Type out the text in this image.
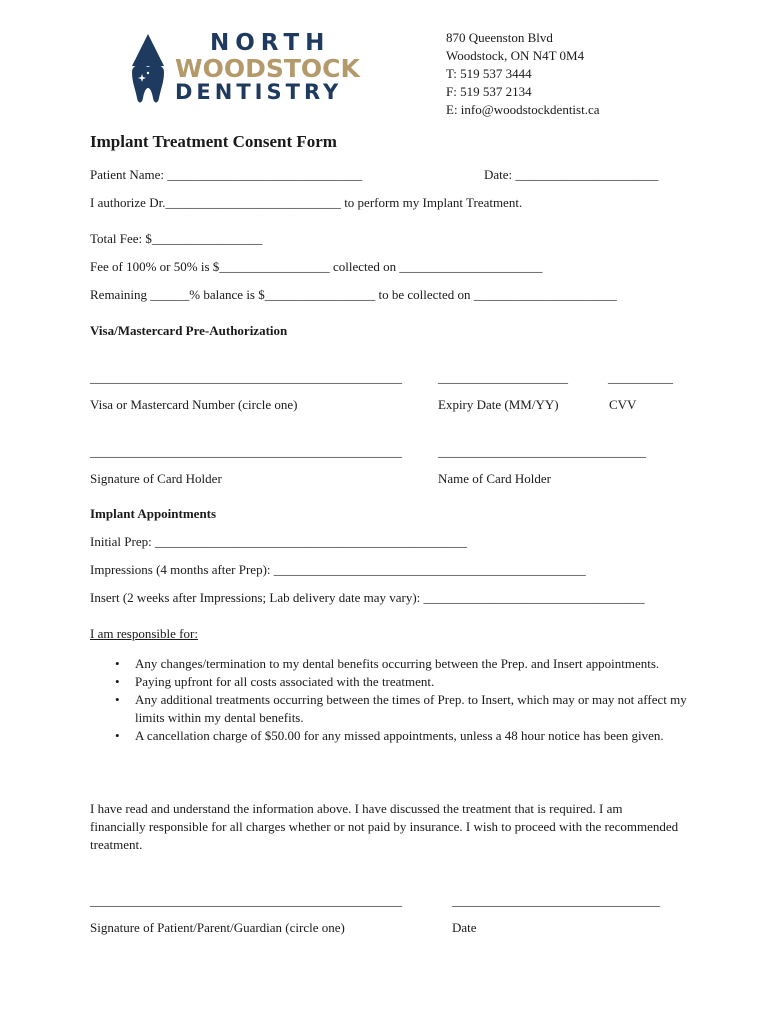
NORTH
WOODSTOCK
DENTISTRY
870 Queenston Blvd
Woodstock, ON N4T 0M4
T: 519 537 3444
F: 519 537 2134
E: info@woodstockdentist.ca
Implant Treatment Consent Form
Patient Name: ______________________________	Date: ______________________
I authorize Dr.___________________________ to perform my Implant Treatment.
Total Fee: $_________________
Fee of 100% or 50% is $_________________ collected on ______________________
Remaining ______% balance is $_________________ to be collected on ______________________
Visa/Mastercard Pre-Authorization
________________________________________________	____________________	__________
Visa or Mastercard Number (circle one)	Expiry Date (MM/YY)	CVV
________________________________________________	________________________________
Signature of Card Holder	Name of Card Holder
Implant Appointments
Initial Prep: ________________________________________________
Impressions (4 months after Prep): ________________________________________________
Insert (2 weeks after Impressions; Lab delivery date may vary): __________________________________
I am responsible for:
• Any changes/termination to my dental benefits occurring between the Prep. and Insert appointments.
• Paying upfront for all costs associated with the treatment.
• Any additional treatments occurring between the times of Prep. to Insert, which may or may not affect my limits within my dental benefits.
• A cancellation charge of $50.00 for any missed appointments, unless a 48 hour notice has been given.
I have read and understand the information above. I have discussed the treatment that is required. I am financially responsible for all charges whether or not paid by insurance. I wish to proceed with the recommended treatment.
________________________________________________	________________________________
Signature of Patient/Parent/Guardian (circle one)	Date
